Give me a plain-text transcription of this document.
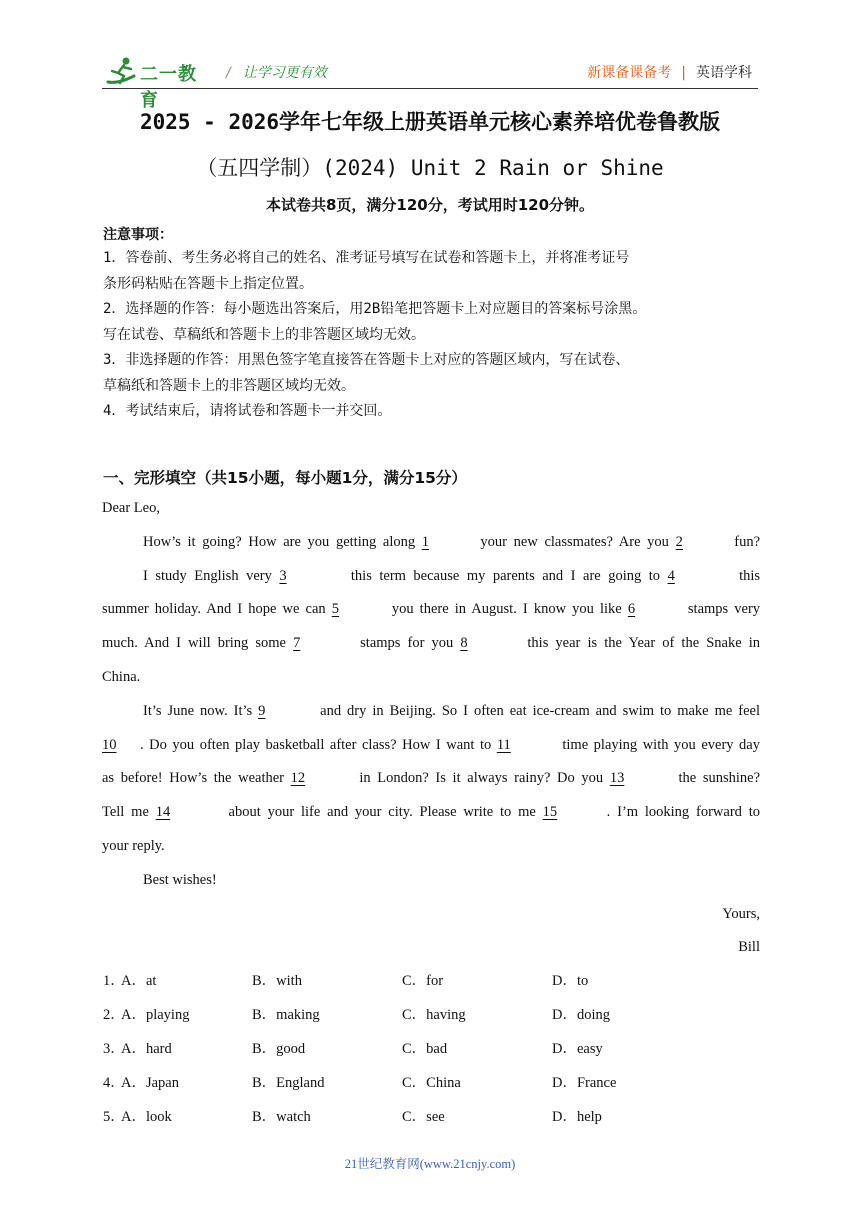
二一教育
/ 让学习更有效	新课备课备考 | 英语学科
2025 - 2026学年七年级上册英语单元核心素养培优卷鲁教版
（五四学制）(2024) Unit 2 Rain or Shine
本试卷共8页，满分120分，考试用时120分钟。
注意事项：
1．答卷前、考生务必将自己的姓名、准考证号填写在试卷和答题卡上，并将准考证号
条形码粘贴在答题卡上指定位置。
2．选择题的作答：每小题选出答案后，用2B铅笔把答题卡上对应题目的答案标号涂黑。
写在试卷、草稿纸和答题卡上的非答题区域均无效。
3．非选择题的作答：用黑色签字笔直接答在答题卡上对应的答题区域内，写在试卷、
草稿纸和答题卡上的非答题区域均无效。
4．考试结束后，请将试卷和答题卡一并交回。
一、完形填空（共15小题，每小题1分，满分15分）
Dear Leo,
How’s it going? How are you getting along 1	your new classmates? Are you 2	fun?
I study English very 3	this term because my parents and I are going to 4	this
summer holiday. And I hope we can 5	you there in August. I know you like 6	stamps very
much. And I will bring some 7	stamps for you 8	this year is the Year of the Snake in
China.
It’s June now. It’s 9	and dry in Beijing. So I often eat ice-cream and swim to make me feel
10 . Do you often play basketball after class? How I want to 11	time playing with you every day
as before! How’s the weather 12	in London? Is it always rainy? Do you 13	the sunshine?
Tell me 14	about your life and your city. Please write to me 15	. I’m looking forward to
your reply.
Best wishes!
Yours,
Bill
1．
A．at	B．with	C．for	D．to
2．
A．playing	B．making	C．having	D．doing
3．
A．hard	B．good	C．bad	D．easy
4．
A．Japan	B．England	C．China	D．France
5．
A．look	B．watch	C．see	D．help
21世纪教育网(www.21cnjy.com)
